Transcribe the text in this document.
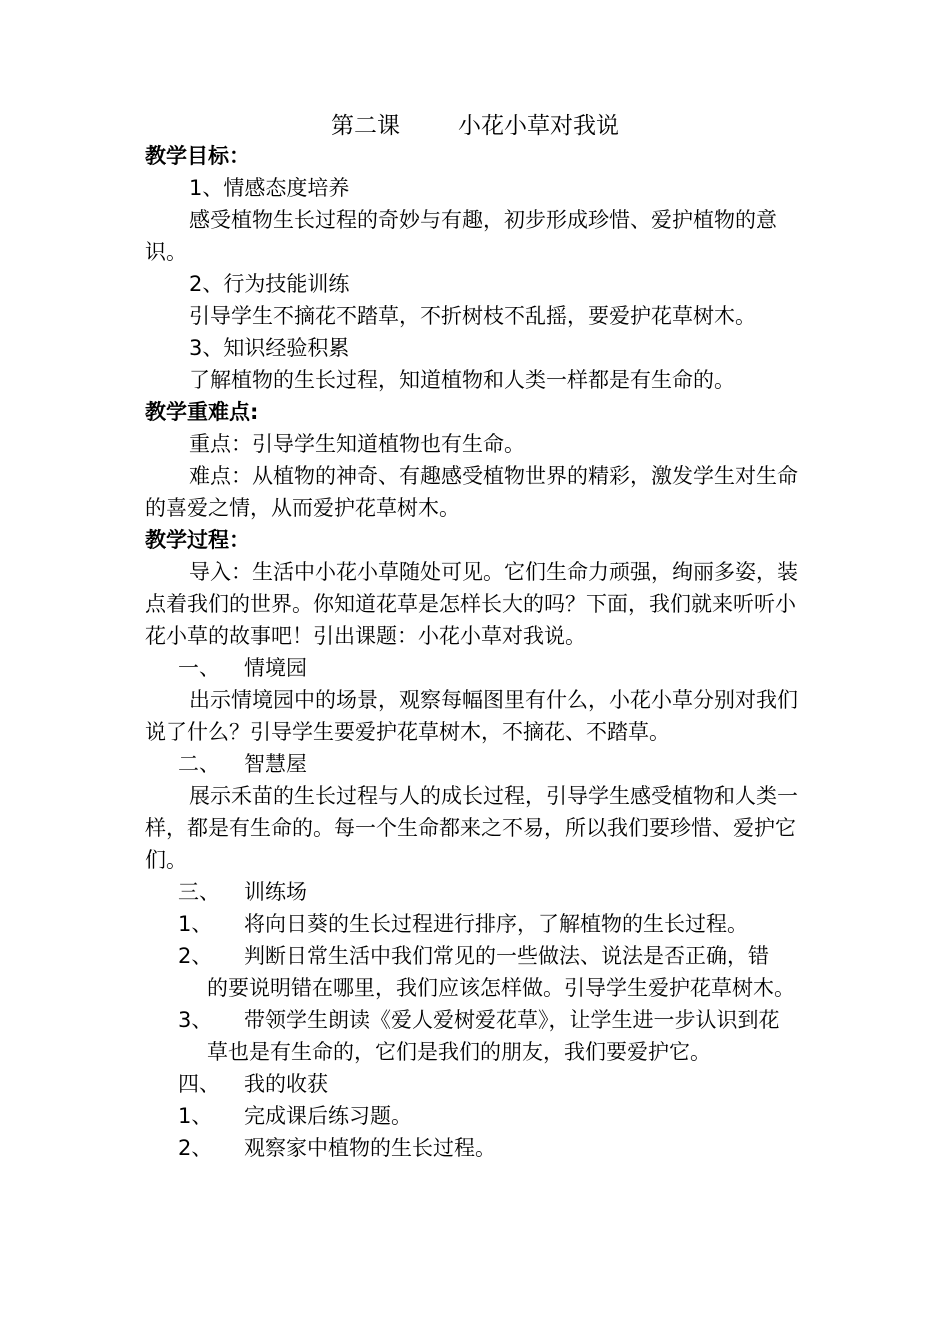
第二课	小花小草对我说

教学目标：

1、情感态度培养

感受植物生长过程的奇妙与有趣，初步形成珍惜、爱护植物的意识。

2、行为技能训练

引导学生不摘花不踏草，不折树枝不乱摇，要爱护花草树木。

3、知识经验积累

了解植物的生长过程，知道植物和人类一样都是有生命的。

教学重难点:

重点：引导学生知道植物也有生命。

难点：从植物的神奇、有趣感受植物世界的精彩，激发学生对生命的喜爱之情，从而爱护花草树木。

教学过程：

导入：生活中小花小草随处可见。它们生命力顽强，绚丽多姿，装点着我们的世界。你知道花草是怎样长大的吗？下面，我们就来听听小花小草的故事吧！引出课题：小花小草对我说。

一、	情境园

出示情境园中的场景，观察每幅图里有什么，小花小草分别对我们说了什么？引导学生要爱护花草树木，不摘花、不踏草。

二、	智慧屋

展示禾苗的生长过程与人的成长过程，引导学生感受植物和人类一样，都是有生命的。每一个生命都来之不易，所以我们要珍惜、爱护它们。

三、	训练场
1、	将向日葵的生长过程进行排序，了解植物的生长过程。
2、	判断日常生活中我们常见的一些做法、说法是否正确，错
的要说明错在哪里，我们应该怎样做。引导学生爱护花草树木。
3、	带领学生朗读《爱人爱树爱花草》，让学生进一步认识到花
草也是有生命的，它们是我们的朋友，我们要爱护它。
四、	我的收获
1、	完成课后练习题。
2、	观察家中植物的生长过程。
